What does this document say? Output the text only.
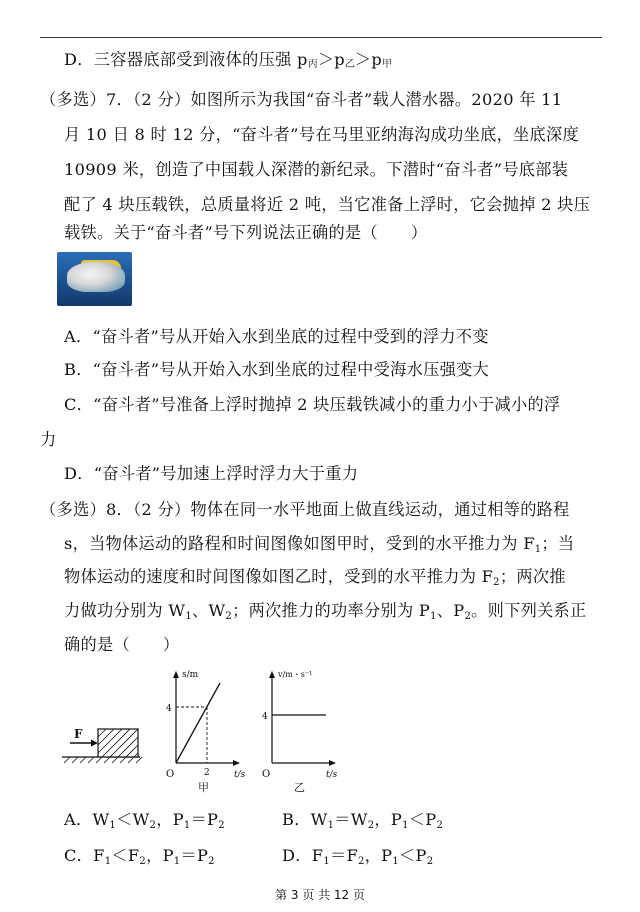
D．三容器底部受到液体的压强 $p_丙>p_乙>p_甲$
（多选）7．（2 分）如图所示为我国“奋斗者”载人潜水器。2020 年 11
月 10 日 8 时 12 分，“奋斗者”号在马里亚纳海沟成功坐底，坐底深度
10909 米，创造了中国载人深潜的新纪录。下潜时“奋斗者”号底部装
配了 4 块压载铁，总质量将近 2 吨，当它准备上浮时，它会抛掉 2 块压
载铁。关于“奋斗者”号下列说法正确的是（　　）
A．“奋斗者”号从开始入水到坐底的过程中受到的浮力不变
B．“奋斗者”号从开始入水到坐底的过程中受海水压强变大
C．“奋斗者”号准备上浮时抛掉 2 块压载铁减小的重力小于减小的浮
力
D．“奋斗者”号加速上浮时浮力大于重力
（多选）8．（2 分）物体在同一水平地面上做直线运动，通过相等的路程
s，当物体运动的路程和时间图像如图甲时，受到的水平推力为 F1；当
物体运动的速度和时间图像如图乙时，受到的水平推力为 F2；两次推
力做功分别为 W1、W2；两次推力的功率分别为 P1、P2。则下列关系正
确的是（　　）
F
s/m
4
2
O	t/s
甲
v/m・s⁻¹
4
O	t/s
乙
A．W1＜W2，P1＝P2	B．W1＝W2，P1＜P2
C．F1＜F2，P1＝P2	D．F1＝F2，P1＜P2
第 3 页 共 12 页
